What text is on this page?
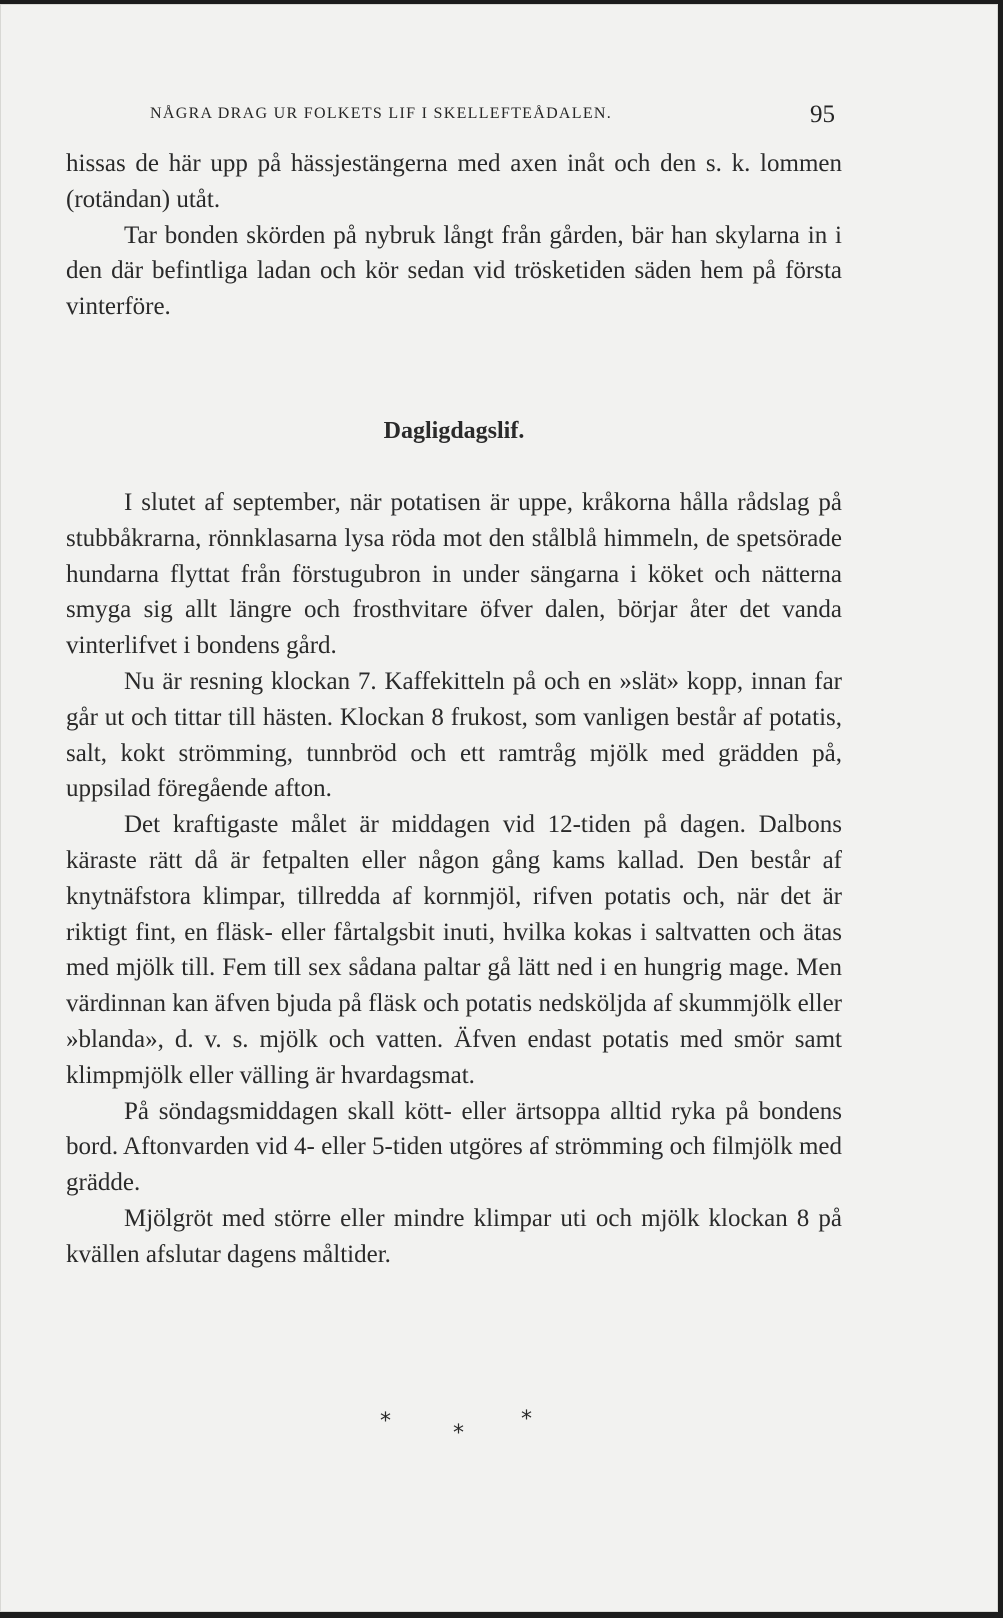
NÅGRA DRAG UR FOLKETS LIF I SKELLEFTEÅDALEN.	95

hissas de här upp på hässjestängerna med axen inåt och den s. k. lommen (rotändan) utåt.

Tar bonden skörden på nybruk långt från gården, bär han skylarna in i den där befintliga ladan och kör sedan vid trösketiden säden hem på första vinterföre.

Dagligdagslif.

I slutet af september, när potatisen är uppe, kråkorna hålla rådslag på stubbåkrarna, rönnklasarna lysa röda mot den stålblå himmeln, de spetsörade hundarna flyttat från förstugubron in under sängarna i köket och nätterna smyga sig allt längre och frosthvitare öfver dalen, börjar åter det vanda vinterlifvet i bondens gård.

Nu är resning klockan 7. Kaffekitteln på och en »slät» kopp, innan far går ut och tittar till hästen. Klockan 8 frukost, som vanligen består af potatis, salt, kokt strömming, tunnbröd och ett ramtråg mjölk med grädden på, uppsilad föregående afton.

Det kraftigaste målet är middagen vid 12-tiden på dagen. Dalbons käraste rätt då är fetpalten eller någon gång kams kallad. Den består af knytnäfstora klimpar, tillredda af kornmjöl, rifven potatis och, när det är riktigt fint, en fläsk- eller fårtalgsbit inuti, hvilka kokas i saltvatten och ätas med mjölk till. Fem till sex sådana paltar gå lätt ned i en hungrig mage. Men värdinnan kan äfven bjuda på fläsk och potatis nedsköljda af skummjölk eller »blanda», d. v. s. mjölk och vatten. Äfven endast potatis med smör samt klimpmjölk eller välling är hvardagsmat.

På söndagsmiddagen skall kött- eller ärtsoppa alltid ryka på bondens bord. Aftonvarden vid 4- eller 5-tiden utgöres af strömming och filmjölk med grädde.

Mjölgröt med större eller mindre klimpar uti och mjölk klockan 8 på kvällen afslutar dagens måltider.

*	*
*
